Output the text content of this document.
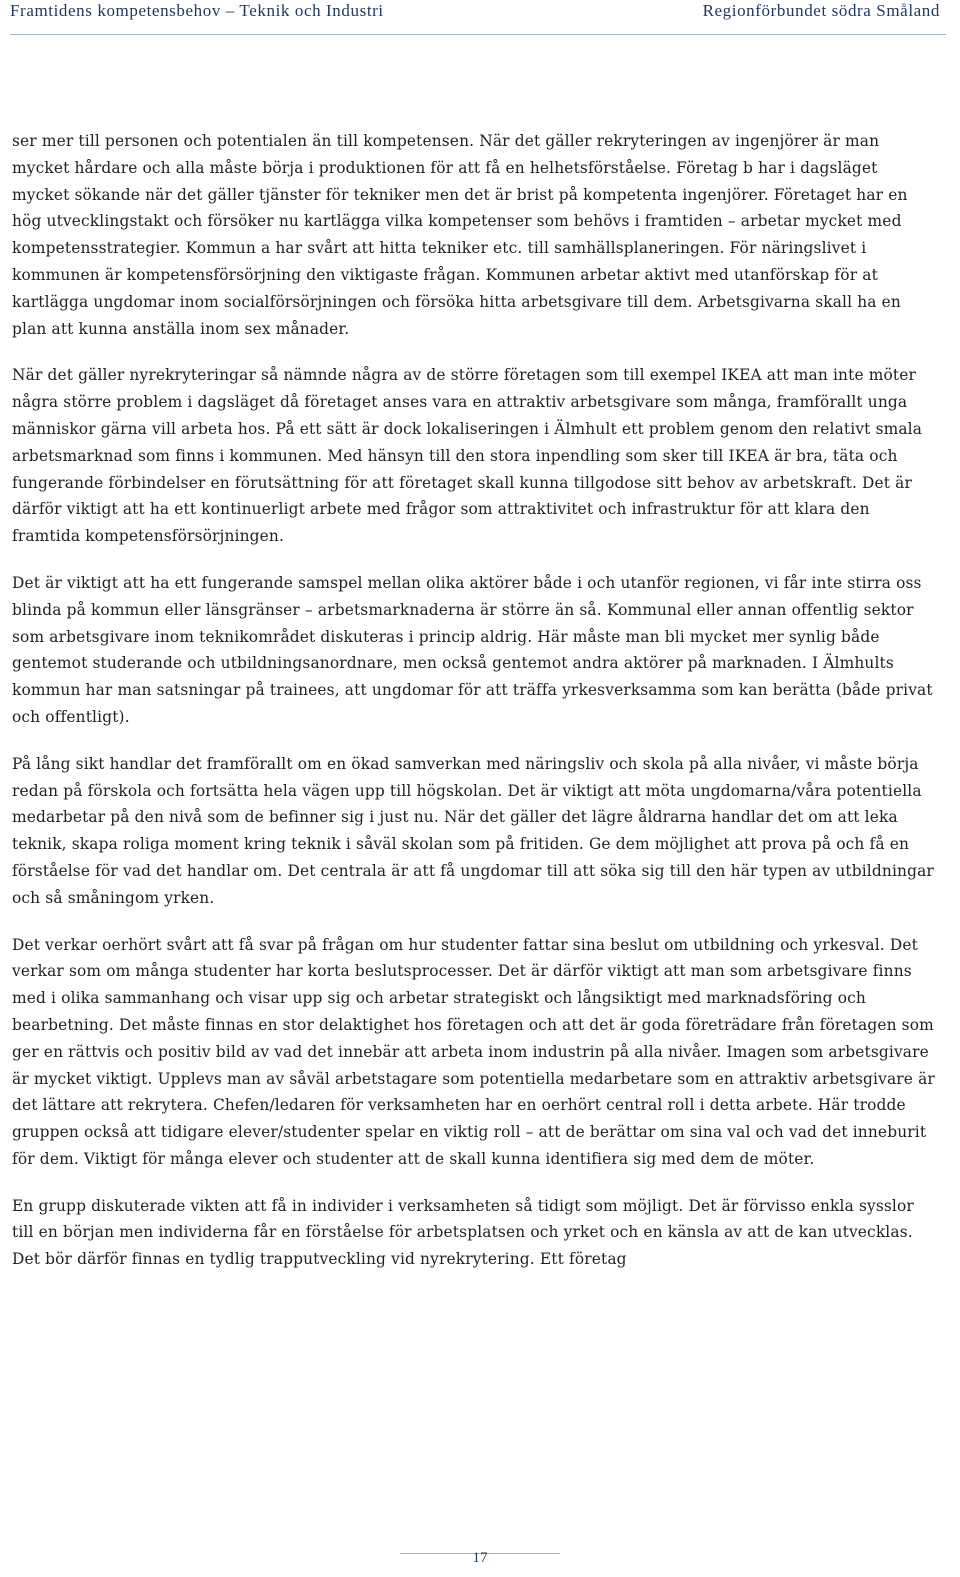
Framtidens kompetensbehov – Teknik och Industri	Regionförbundet södra Småland

ser mer till personen och potentialen än till kompetensen. När det gäller rekryteringen av ingenjörer är man mycket hårdare och alla måste börja i produktionen för att få en helhetsförståelse. Företag b har i dagsläget mycket sökande när det gäller tjänster för tekniker men det är brist på kompetenta ingenjörer. Företaget har en hög utvecklingstakt och försöker nu kartlägga vilka kompetenser som behövs i framtiden – arbetar mycket med kompetensstrategier. Kommun a har svårt att hitta tekniker etc. till samhällsplaneringen. För näringslivet i kommunen är kompetensförsörjning den viktigaste frågan. Kommunen arbetar aktivt med utanförskap för at kartlägga ungdomar inom socialförsörjningen och försöka hitta arbetsgivare till dem. Arbetsgivarna skall ha en plan att kunna anställa inom sex månader.

När det gäller nyrekryteringar så nämnde några av de större företagen som till exempel IKEA att man inte möter några större problem i dagsläget då företaget anses vara en attraktiv arbetsgivare som många, framförallt unga människor gärna vill arbeta hos. På ett sätt är dock lokaliseringen i Älmhult ett problem genom den relativt smala arbetsmarknad som finns i kommunen. Med hänsyn till den stora inpendling som sker till IKEA är bra, täta och fungerande förbindelser en förutsättning för att företaget skall kunna tillgodose sitt behov av arbetskraft. Det är därför viktigt att ha ett kontinuerligt arbete med frågor som attraktivitet och infrastruktur för att klara den framtida kompetensförsörjningen.

Det är viktigt att ha ett fungerande samspel mellan olika aktörer både i och utanför regionen, vi får inte stirra oss blinda på kommun eller länsgränser – arbetsmarknaderna är större än så. Kommunal eller annan offentlig sektor som arbetsgivare inom teknikområdet diskuteras i princip aldrig. Här måste man bli mycket mer synlig både gentemot studerande och utbildningsanordnare, men också gentemot andra aktörer på marknaden. I Älmhults kommun har man satsningar på trainees, att ungdomar för att träffa yrkesverksamma som kan berätta (både privat och offentligt).

På lång sikt handlar det framförallt om en ökad samverkan med näringsliv och skola på alla nivåer, vi måste börja redan på förskola och fortsätta hela vägen upp till högskolan. Det är viktigt att möta ungdomarna/våra potentiella medarbetar på den nivå som de befinner sig i just nu. När det gäller det lägre åldrarna handlar det om att leka teknik, skapa roliga moment kring teknik i såväl skolan som på fritiden. Ge dem möjlighet att prova på och få en förståelse för vad det handlar om. Det centrala är att få ungdomar till att söka sig till den här typen av utbildningar och så småningom yrken.

Det verkar oerhört svårt att få svar på frågan om hur studenter fattar sina beslut om utbildning och yrkesval. Det verkar som om många studenter har korta beslutsprocesser. Det är därför viktigt att man som arbetsgivare finns med i olika sammanhang och visar upp sig och arbetar strategiskt och långsiktigt med marknadsföring och bearbetning. Det måste finnas en stor delaktighet hos företagen och att det är goda företrädare från företagen som ger en rättvis och positiv bild av vad det innebär att arbeta inom industrin på alla nivåer. Imagen som arbetsgivare är mycket viktigt. Upplevs man av såväl arbetstagare som potentiella medarbetare som en attraktiv arbetsgivare är det lättare att rekrytera. Chefen/ledaren för verksamheten har en oerhört central roll i detta arbete. Här trodde gruppen också att tidigare elever/studenter spelar en viktig roll – att de berättar om sina val och vad det inneburit för dem. Viktigt för många elever och studenter att de skall kunna identifiera sig med dem de möter.

En grupp diskuterade vikten att få in individer i verksamheten så tidigt som möjligt. Det är förvisso enkla sysslor till en början men individerna får en förståelse för arbetsplatsen och yrket och en känsla av att de kan utvecklas. Det bör därför finnas en tydlig trapputveckling vid nyrekrytering. Ett företag

17
